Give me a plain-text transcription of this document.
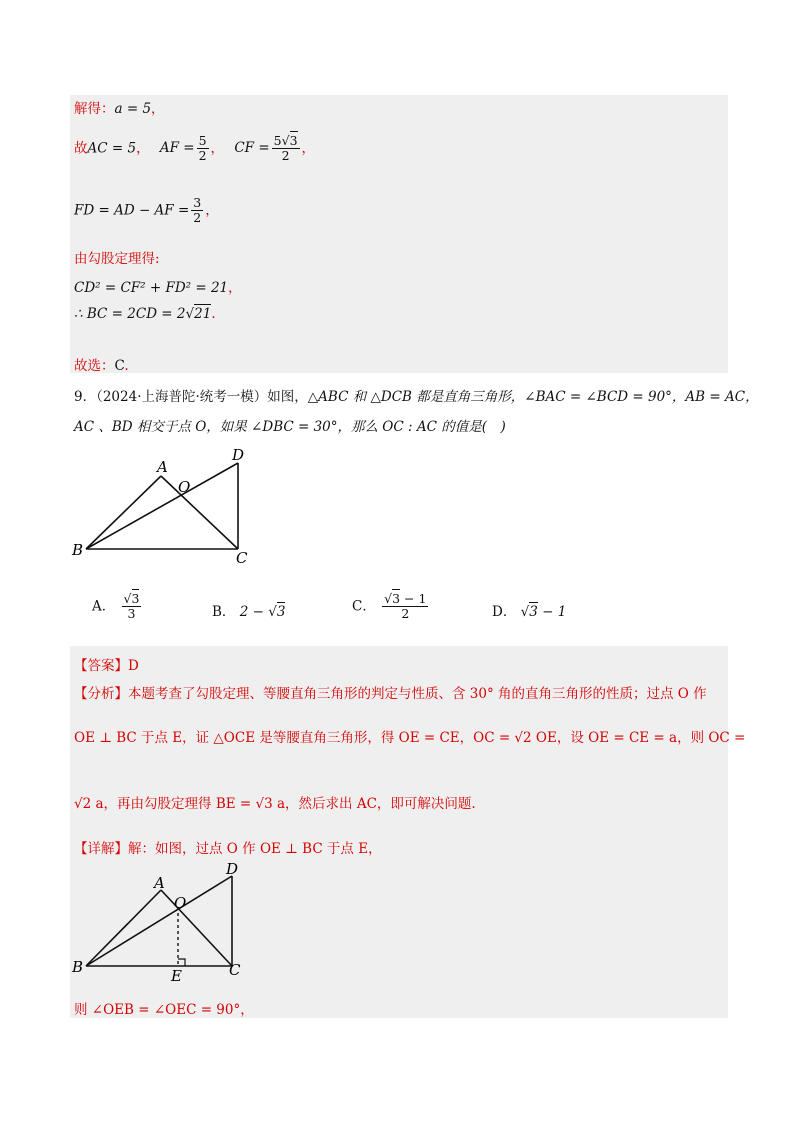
解得：a = 5，
故AC = 5， AF = $\frac{5}{2}$ ， CF = $\frac{5√3}{2}$ ，
FD = AD − AF = $\frac{3}{2}$ ，
由勾股定理得:
CD² = CF² + FD² = 21，
∴ BC = 2CD = 2√21.
故选：C.
9．（2024·上海普陀·统考一模）如图，△ABC 和 △DCB 都是直角三角形，∠BAC = ∠BCD = 90°，AB = AC，
AC 、BD 相交于点 O，如果 ∠DBC = 30°，那么 OC : AC 的值是(　)
A
D
O
B	C
A． $\frac{√3}{3}$	B． 2 − √3	C． $\frac{√3 - 1}{2}$	D． √3 − 1
【答案】D
【分析】本题考查了勾股定理、等腰直角三角形的判定与性质、含 30° 角的直角三角形的性质；过点 O 作
OE ⊥ BC 于点 E，证 △OCE 是等腰直角三角形，得 OE = CE，OC = √2 OE，设 OE = CE = a，则 OC =
√2 a，再由勾股定理得 BE = √3 a，然后求出 AC，即可解决问题.
【详解】解：如图，过点 O 作 OE ⊥ BC 于点 E，
A
D
O
B	E	C
则 ∠OEB = ∠OEC = 90°，
